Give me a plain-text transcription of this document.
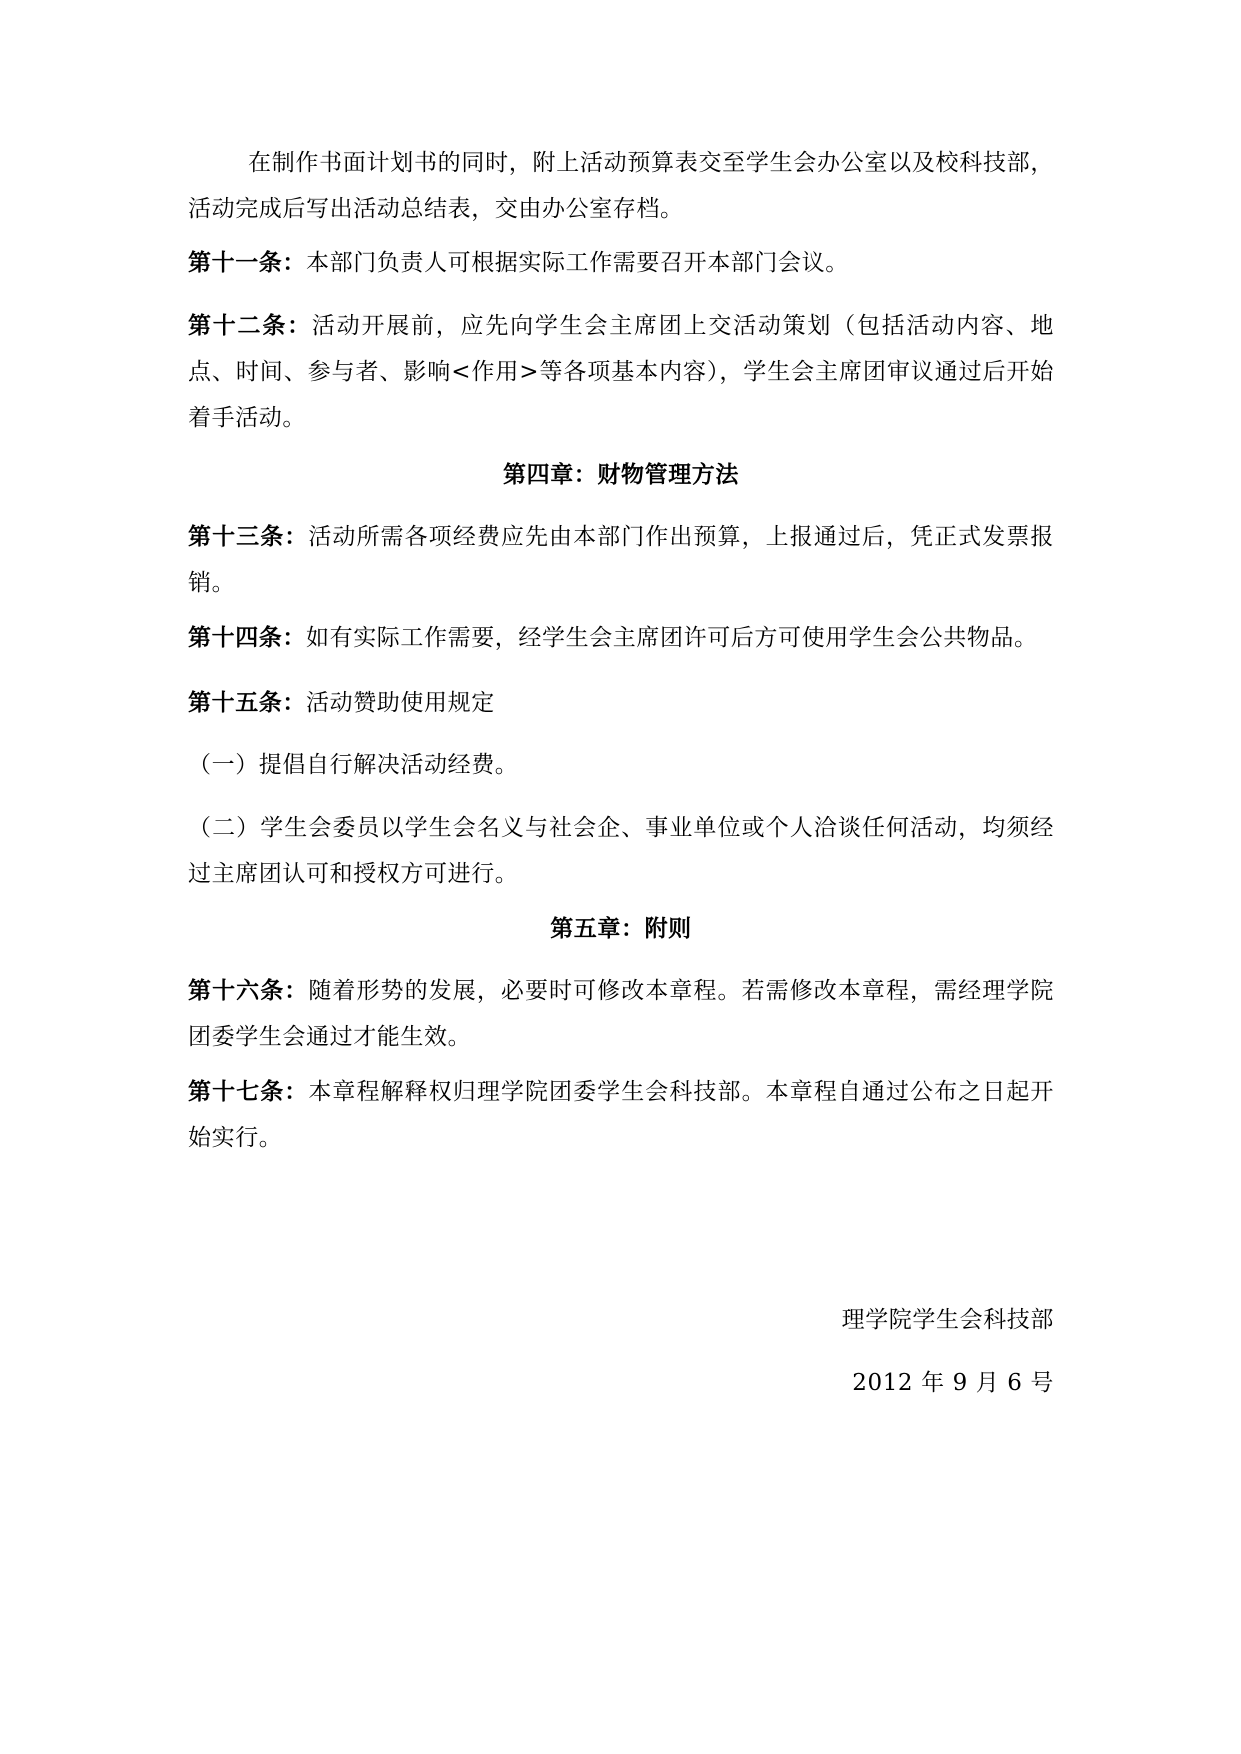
在制作书面计划书的同时，附上活动预算表交至学生会办公室以及校科技部，活动完成后写出活动总结表，交由办公室存档。

第十一条：本部门负责人可根据实际工作需要召开本部门会议。

第十二条：活动开展前，应先向学生会主席团上交活动策划（包括活动内容、地点、时间、参与者、影响<作用>等各项基本内容），学生会主席团审议通过后开始着手活动。

第四章：财物管理方法

第十三条：活动所需各项经费应先由本部门作出预算，上报通过后，凭正式发票报销。

第十四条：如有实际工作需要，经学生会主席团许可后方可使用学生会公共物品。

第十五条：活动赞助使用规定

（一）提倡自行解决活动经费。

（二）学生会委员以学生会名义与社会企、事业单位或个人洽谈任何活动，均须经过主席团认可和授权方可进行。

第五章：附则

第十六条：随着形势的发展，必要时可修改本章程。若需修改本章程，需经理学院团委学生会通过才能生效。

第十七条：本章程解释权归理学院团委学生会科技部。本章程自通过公布之日起开始实行。

理学院学生会科技部

2012 年 9 月 6 号
